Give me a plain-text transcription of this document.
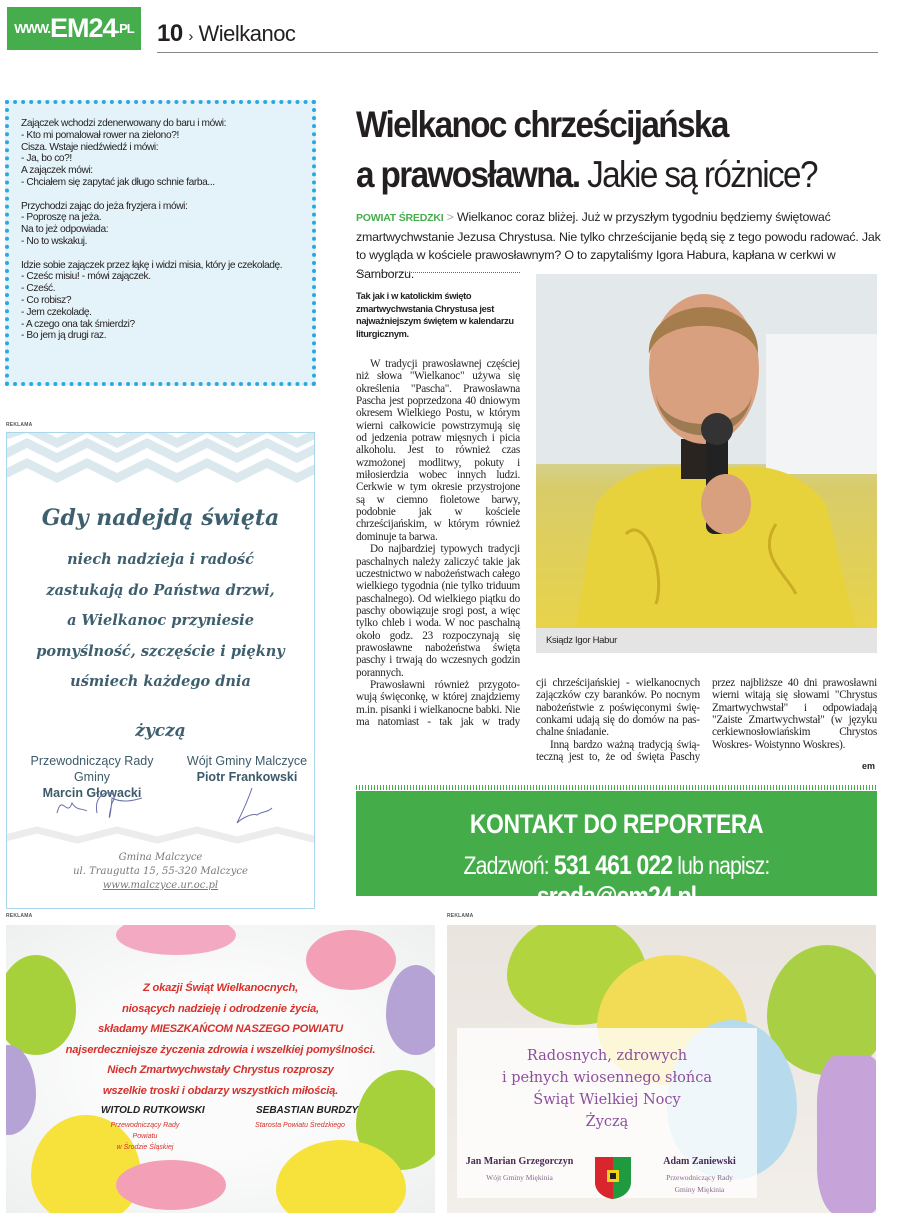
WWW. EM 24 .PL 10 › Wielkanoc
Zajączek wchodzi zdenerwowany do baru i mówi:
- Kto mi pomalował rower na zielono?!
Cisza. Wstaje niedźwiedź i mówi:
- Ja, bo co?!
A zajączek mówi:
- Chciałem się zapytać jak długo schnie farba...
Przychodzi zając do jeża fryzjera i mówi:
- Poproszę na jeża.
Na to jeż odpowiada:
- No to wskakuj.
Idzie sobie zajączek przez łąkę i widzi misia, który je czekoladę.
- Cześc misiu! - mówi zajączek.
- Cześć.
- Co robisz?
- Jem czekoladę.
- A czego ona tak śmierdzi?
- Bo jem ją drugi raz.
REKLAMA
Gdy nadejdą święta
niech nadzieja i radość
zastukają do Państwa drzwi,
a Wielkanoc przyniesie
pomyślność, szczęście i piękny
uśmiech każdego dnia
życzą
Przewodniczący Rady Gminy
Marcin Głowacki
Wójt Gminy Malczyce
Piotr Frankowski
Gmina Malczyce
ul. Traugutta 15, 55-320 Malczyce
www.malczyce.ur.oc.pl
Wielkanoc chrześcijańska
a prawosławna. Jakie są różnice?
POWIAT ŚREDZKI > Wielkanoc coraz bliżej. Już w przyszłym tygodniu będziemy świętować zmartwychwstanie Jezusa Chrystusa. Nie tylko chrześcijanie będą się z tego powodu radować. Jak to wygląda w kościele prawosławnym? O to zapytaliśmy Igora Habura, kapłana w cerkwi w Samborzu.
Tak jak i w katolickim święto zmartwychwstania Chrystusa jest najważniejszym świętem w kalendarzu liturgicznym.

W tradycji prawosławnej częściej niż słowa "Wielkanoc" używa się określenia "Pascha". Prawosławna Pascha jest poprzedzona 40 dniowym okresem Wielkiego Postu, w którym wierni całkowicie powstrzymują się od jedzenia potraw mięsnych i picia alkoholu. Jest to również czas wzmożonej modlitwy, pokuty i miłosierdzia wobec innych ludzi. Cerkwie w tym okresie przystrojone są w ciemno fioletowe barwy, podobnie jak w kościele chrześcijańskim, w którym również dominuje ta barwa.

Do najbardziej typowych tradycji paschalnych należy zaliczyć takie jak uczestnictwo w nabożeństwach całego wielkiego tygodnia (nie tylko triduum paschalnego). Od wielkiego piątku do paschy obowiązuje srogi post, a więc tylko chleb i woda. W noc paschalną około godz. 23 rozpoczynają się prawosławne nabożeństwa święta paschy i trwają do wczesnych godzin porannych.

Prawosławni również przygotowują święconkę, w której znajdziemy m.in. pisanki i wielkanocne babki. Nie ma natomiast - tak jak w trady

Ksiądz Igor Habur

cji chrześcijańskiej - wielkanocnych zajączków czy baranków. Po nocnym nabożeństwie z poświęconymi święconkami udają się do domów na paschalne śniadanie.

Inną bardzo ważną tradycją świąteczną jest to, że od święta Paschy

przez najbliższe 40 dni prawosławni wierni witają się słowami "Chrystus Zmartwychwstał" i odpowiadają "Zaiste Zmartwychwstał" (w języku cerkiewnosłowiańskim Chrystos Woskres- Woistynno Woskres).

em
KONTAKT DO REPORTERA
Zadzwoń: 531 461 022 lub napisz: sroda@em24.pl
REKLAMA
Z okazji Świąt Wielkanocnych,
niosących nadzieję i odrodzenie życia,
składamy MIESZKAŃCOM NASZEGO POWIATU
najserdeczniejsze życzenia zdrowia i wszelkiej pomyślności.
Niech Zmartwychwstały Chrystus rozproszy
wszelkie troski i obdarzy wszystkich miłością.
WITOLD RUTKOWSKI
Przewodniczący Rady Powiatu
w Środzie Śląskiej
SEBASTIAN BURDZY
Starosta Powiatu Średzkiego
REKLAMA
Radosnych, zdrowych
i pełnych wiosennego słońca
Świąt Wielkiej Nocy
Życzą
Jan Marian Grzegorczyn
Wójt Gminy Miękinia
Adam Zaniewski
Przewodniczący Rady
Gminy Miękinia
